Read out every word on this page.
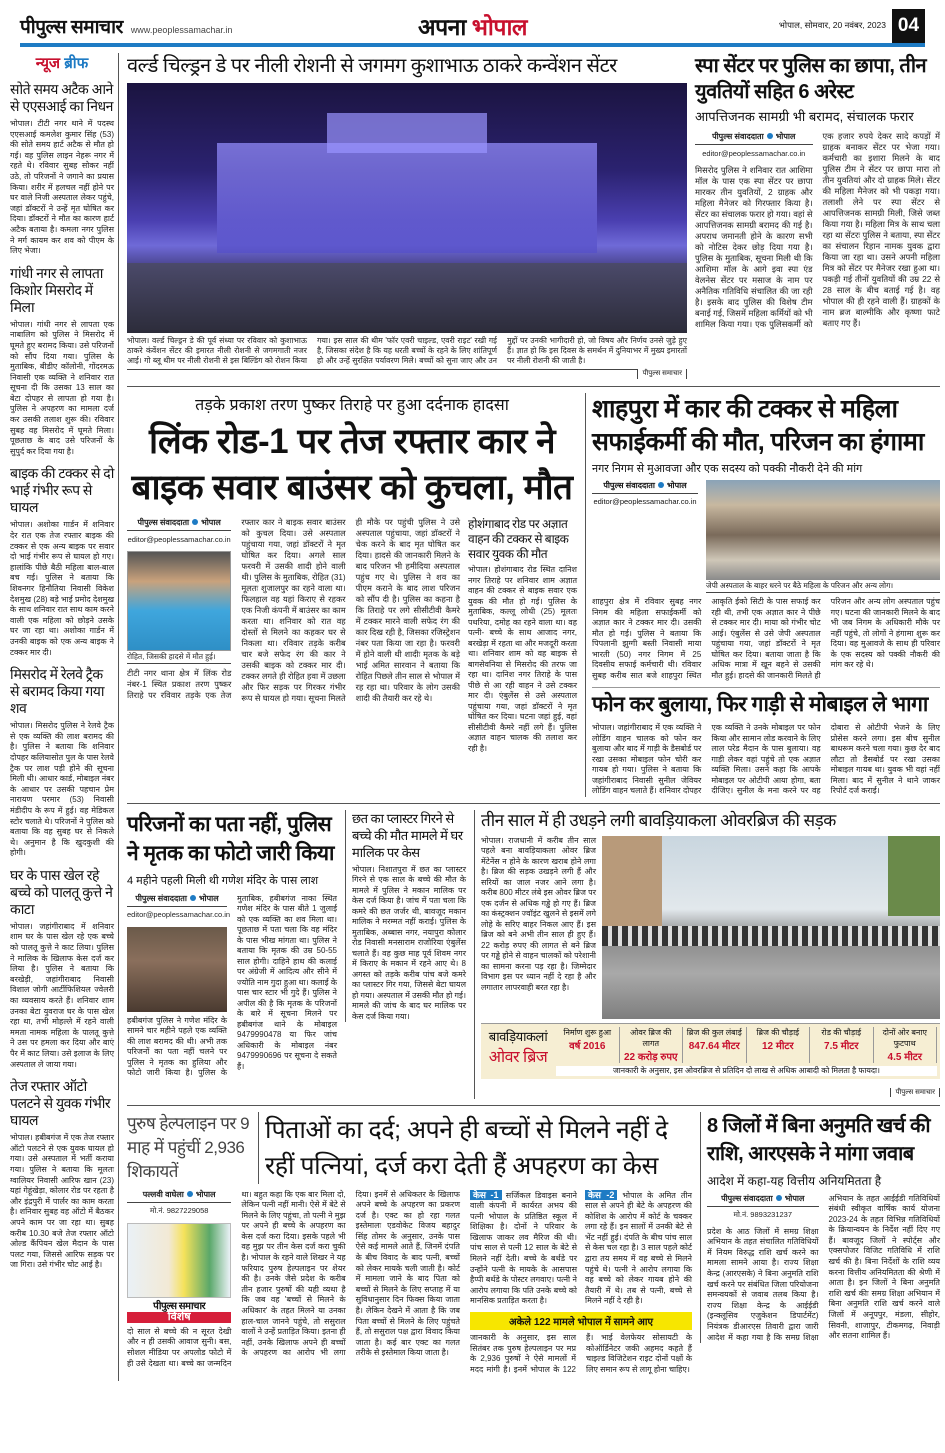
पीपुल्स समाचार www.peoplessamachar.in	अपना भोपाल	भोपाल, सोमवार, 20 नवंबर, 2023 04
न्यूज ब्रीफ
सोते समय अटैक आने से एएसआई का निधन
भोपाल। टीटी नगर थाने में पदस्थ एएसआई कमलेश कुमार सिंह (53) की सोते समय हार्ट अटैक से मौत हो गई। वह पुलिस लाइन नेहरू नगर में रहते थे। रविवार सुबह सोकर नहीं उठे, तो परिजनों ने जगाने का प्रयास किया। शरीर में हलचल नहीं होने पर घर वाले निजी अस्पताल लेकर पहुंचे, जहां डॉक्टरों ने उन्हें मृत घोषित कर दिया। डॉक्टरों ने मौत का कारण हार्ट अटैक बताया है। कमला नगर पुलिस ने मर्ग कायम कर शव को पीएम के लिए भेजा।
गांधी नगर से लापता किशोर मिसरोद में मिला
भोपाल। गांधी नगर से लापता एक नाबालिग को पुलिस ने मिसरोद में घूमते हुए बरामद किया। उसे परिजनों को सौंप दिया गया। पुलिस के मुताबिक, बीडीए कॉलोनी, गोंदरमऊ निवासी एक व्यक्ति ने शनिवार रात सूचना दी कि उसका 13 साल का बेटा दोपहर से लापता हो गया है। पुलिस ने अपहरण का मामला दर्ज कर उसकी तलाश शुरू की। रविवार सुबह वह मिसरोद में घूमते मिला। पूछताछ के बाद उसे परिजनों के सुपुर्द कर दिया गया है।
बाइक की टक्कर से दो भाई गंभीर रूप से घायल
भोपाल। अशोका गार्डन में शनिवार देर रात एक तेज रफ्तार बाइक की टक्कर से एक अन्य बाइक पर सवार दो भाई गंभीर रूप से घायल हो गए। हालांकि पीछे बैठी महिला बाल-बाल बच गई। पुलिस ने बताया कि शिवनगर हिनौतिया निवासी विकेश देशमुख (28) बड़े भाई प्रमोद देशमुख के साथ शनिवार रात साथ काम करने वाली एक महिला को छोड़ने उसके घर जा रहा था। अशोका गार्डन में उनकी बाइक को एक अन्य बाइक ने टक्कर मार दी।
मिसरोद में रेलवे ट्रैक से बरामद किया गया शव
भोपाल। मिसरोद पुलिस ने रेलवे ट्रैक से एक व्यक्ति की लाश बरामद की है। पुलिस ने बताया कि शनिवार दोपहर कलियासोत पुल के पास रेलवे ट्रैक पर लाश पड़ी होने की सूचना मिली थी। आधार कार्ड, मोबाइल नंबर के आधार पर उसकी पहचान प्रेम नारायण परमार (53) निवासी मंडीदीप के रूप में हुई। वह मेडिकल स्टोर चलाते थे। परिजनों ने पुलिस को बताया कि वह सुबह घर से निकले थे। अनुमान है कि खुदकुशी की होगी।
घर के पास खेल रहे बच्चे को पालतू कुत्ते ने काटा
भोपाल। जहांगीराबाद में शनिवार शाम घर के पास खेल रहे एक बच्चे को पालतू कुत्ते ने काट लिया। पुलिस ने मालिक के खिलाफ केस दर्ज कर लिया है। पुलिस ने बताया कि बरखेड़ी, जहांगीराबाद निवासी विशाल जोगी आर्टीफिशियल ज्वेलरी का व्यवसाय करते हैं। शनिवार शाम उनका बेटा युवराज घर के पास खेल रहा था, तभी मोहल्ले में रहने वाली ममता नामक महिला के पालतू कुत्ते ने उस पर हमला कर दिया और बाएं पैर में काट लिया। उसे इलाज के लिए अस्पताल ले जाया गया।
तेज रफ्तार ऑटो पलटने से युवक गंभीर घायल
भोपाल। हबीबगंज में एक तेज रफ्तार ऑटो पलटने से एक युवक घायल हो गया। उसे अस्पताल में भर्ती कराया गया। पुलिस ने बताया कि मूलतः ग्वालियर निवासी आरिफ खान (23) यहां गेहूंखेड़ा, कोलार रोड पर रहता है और इंद्रपुरी में पार्लर का काम करता है। शनिवार सुबह वह ऑटो में बैठकर अपने काम पर जा रहा था। सुबह करीब 10.30 बजे तेज रफ्तार ऑटो ओल्ड कैंपियन खेल मैदान के पास पलट गया, जिससे आरिफ सड़क पर जा गिरा। उसे गंभीर चोट आई है।
वर्ल्ड चिल्ड्रन डे पर नीली रोशनी से जगमग कुशाभाऊ ठाकरे कन्वेंशन सेंटर
भोपाल। वर्ल्ड चिल्ड्रन डे की पूर्व संध्या पर रविवार को कुशाभाऊ ठाकरे कंवेंशन सेंटर की इमारत नीली रोशनी से जगमगाती नजर आई। गो ब्लू थीम पर नीली रोशनी से इस बिल्डिंग को रोशन किया गया। इस साल की थीम 'फॉर एवरी चाइल्ड, एवरी राइट' रखी गई है, जिसका संदेश है कि यह धरती बच्चों के रहने के लिए शांतिपूर्ण हो और उन्हें सुरक्षित पर्यावरण मिले। बच्चों को सुना जाए और उन मुद्दों पर उनकी भागीदारी हो, जो विषय और निर्णय उनसे जुड़े हुए हैं। ज्ञात हो कि इस दिवस के समर्थन में दुनियाभर में मुख्य इमारतों पर नीली रोशनी की जाती है।
पीपुल्स समाचार
स्पा सेंटर पर पुलिस का छापा, तीन युवतियों सहित 6 अरेस्ट
आपत्तिजनक सामग्री भी बरामद, संचालक फरार
पीपुल्स संवाददाता भोपाल
editor@peoplessamachar.co.in
मिसरोद पुलिस ने शनिवार रात आशिमा मॉल के पास एक स्पा सेंटर पर छापा मारकर तीन युवतियों, 2 ग्राहक और महिला मैनेजर को गिरफ्तार किया है। सेंटर का संचालक फरार हो गया। वहां से आपत्तिजनक सामग्री बरामद की गई है। अपराध जमानती होने के कारण सभी को नोटिस देकर छोड़ दिया गया है। पुलिस के मुताबिक, सूचना मिली थी कि आशिमा मॉल के आगे इवा स्पा एंड वेलनेस सेंटर पर मसाज के नाम पर अनैतिक गतिविधि संचालित की जा रही है। इसके बाद पुलिस की विशेष टीम बनाई गई, जिसमें महिला कर्मियों को भी शामिल किया गया। एक पुलिसकर्मी को एक हजार रुपये देकर सादे कपड़ों में ग्राहक बनाकर सेंटर पर भेजा गया। कर्मचारी का इशारा मिलने के बाद पुलिस टीम ने सेंटर पर छापा मारा तो तीन युवतियां और दो ग्राहक मिले। सेंटर की महिला मैनेजर को भी पकड़ा गया। तलाशी लेने पर स्पा सेंटर से आपत्तिजनक सामग्री मिली, जिसे जब्त किया गया है। महिला मित्र के साथ चला रहा था सेंटरः पुलिस ने बताया, स्पा सेंटर का संचालन रिहान नामक युवक द्वारा किया जा रहा था। उसने अपनी महिला मित्र को सेंटर पर मैनेजर रखा हुआ था। पकड़ी गई तीनों युवतियों की उम्र 22 से 28 साल के बीच बताई गई है। वह भोपाल की ही रहने वाली हैं। ग्राहकों के नाम ब्रज बाल्मीकि और कृष्णा फाटे बताए गए हैं।
तड़के प्रकाश तरण पुष्कर तिराहे पर हुआ दर्दनाक हादसा
लिंक रोड-1 पर तेज रफ्तार कार ने बाइक सवार बाउंसर को कुचला, मौत
पीपुल्स संवाददाता भोपाल
editor@peoplessamachar.co.in
रोहित, जिसकी हादसे में मौत हुई।
टीटी नगर थाना क्षेत्र में लिंक रोड नंबर-1 स्थित प्रकाश तरण पुष्कर तिराहे पर रविवार तड़के एक तेज रफ्तार कार ने बाइक सवार बाउंसर को कुचल दिया। उसे अस्पताल पहुंचाया गया, जहां डॉक्टरों ने मृत घोषित कर दिया। अगले साल फरवरी में उसकी शादी होने वाली थी। पुलिस के मुताबिक, रोहित (31) मूलतः शुजालपुर का रहने वाला था। फिलहाल वह यहां किराए से रहकर एक निजी कंपनी में बाउंसर का काम करता था। शनिवार को रात वह दोस्तों से मिलने का कहकर घर से निकला था। रविवार तड़के करीब चार बजे सफेद रंग की कार ने उसकी बाइक को टक्कर मार दी। टक्कर लगते ही रोहित हवा में उछला और फिर सड़क पर गिरकर गंभीर रूप से घायल हो गया। सूचना मिलते ही मौके पर पहुंची पुलिस ने उसे अस्पताल पहुंचाया, जहां डॉक्टरों ने चेक करने के बाद मृत घोषित कर दिया। हादसे की जानकारी मिलने के बाद परिजन भी हमीदिया अस्पताल पहुंच गए थे। पुलिस ने शव का पीएम कराने के बाद लाश परिजन को सौंप दी है। पुलिस का कहना है कि तिराहे पर लगे सीसीटीवी कैमरे में टक्कर मारने वाली सफेद रंग की कार दिख रही है, जिसका रजिस्ट्रेशन नंबर पता किया जा रहा है। फरवरी में होने वाली थी शादीः मृतक के बड़े भाई अमित सारवान ने बताया कि रोहित पिछले तीन साल से भोपाल में रह रहा था। परिवार के लोग उसकी शादी की तैयारी कर रहे थे।
होशंगाबाद रोड पर अज्ञात वाहन की टक्कर से बाइक सवार युवक की मौत
भोपाल। होशंगाबाद रोड स्थित दानिश नगर तिराहे पर शनिवार शाम अज्ञात वाहन की टक्कर से बाइक सवार एक युवक की मौत हो गई। पुलिस के मुताबिक, कल्लू लोधी (25) मूलतः पथरिया, दमोह का रहने वाला था। वह पत्नी- बच्चे के साथ आजाद नगर, बरखेड़ा में रहता था और मजदूरी करता था। शनिवार शाम को वह बाइक से बागसेवनिया से मिसरोद की तरफ जा रहा था। दानिश नगर तिराहे के पास पीछे से आ रही वाहन ने उसे टक्कर मार दी। एंबुलेंस से उसे अस्पताल पहुंचाया गया, जहां डॉक्टरों ने मृत घोषित कर दिया। घटना जहां हुई, वहां सीसीटीवी कैमरे नहीं लगे हैं। पुलिस अज्ञात वाहन चालक की तलाश कर रही है।
शाहपुरा में कार की टक्कर से महिला सफाईकर्मी की मौत, परिजन का हंगामा
नगर निगम से मुआवजा और एक सदस्य को पक्की नौकरी देने की मांग
पीपुल्स संवाददाता भोपाल
editor@peoplessamachar.co.in
जेपी अस्पताल के बाहर धरने पर बैठे महिला के परिजन और अन्य लोग।
शाहपुरा क्षेत्र में रविवार सुबह नगर निगम की महिला सफाईकर्मी को अज्ञात कार ने टक्कर मार दी। उसकी मौत हो गई। पुलिस ने बताया कि पिपलानी झुग्गी बस्ती निवासी माया भारती (50) नगर निगम में 25 दिवसीय सफाई कर्मचारी थी। रविवार सुबह करीब सात बजे शाहपुरा स्थित आकृति ईको सिटी के पास सफाई कर रही थी, तभी एक अज्ञात कार ने पीछे से टक्कर मार दी। माया को गंभीर चोट आई। एंबुलेंस से उसे जेपी अस्पताल पहुंचाया गया, जहां डॉक्टरों ने मृत घोषित कर दिया। बताया जाता है कि अधिक मात्रा में खून बहने से उसकी मौत हुई। हादसे की जानकारी मिलते ही परिजन और अन्य लोग अस्पताल पहुंच गए। घटना की जानकारी मिलने के बाद भी जब निगम के अधिकारी मौके पर नहीं पहुंचे, तो लोगों ने हंगामा शुरू कर दिया। वह मुआवजे के साथ ही परिवार के एक सदस्य को पक्की नौकरी की मांग कर रहे थे।
फोन कर बुलाया, फिर गाड़ी से मोबाइल ले भागा
भोपाल। जहांगीराबाद में एक व्यक्ति ने लोडिंग वाहन चालक को फोन कर बुलाया और बाद में गाड़ी के डैसबोर्ड पर रखा उसका मोबाइल फोन चोरी कर गायब हो गया। पुलिस ने बताया कि जहांगीराबाद निवासी सुनील जेवियर लोडिंग वाहन चलाते हैं। शनिवार दोपहर एक व्यक्ति ने उनके मोबाइल पर फोन किया और सामान लोड करवाने के लिए लाल परेड मैदान के पास बुलाया। वह गाड़ी लेकर वहां पहुंचे तो एक अज्ञात व्यक्ति मिला। उसने कहा कि आपके मोबाइल पर ओटीपी आया होगा, बता दीजिए। सुनील के मना करने पर वह दोबारा से ओटीपी भेजने के लिए प्रोसेस करने लगा। इस बीच सुनील बाथरूम करने चला गया। कुछ देर बाद लौटा तो डैसबोर्ड पर रखा उसका मोबाइल गायब था। युवक भी वहां नहीं मिला। बाद में सुनील ने थाने जाकर रिपोर्ट दर्ज कराई।
परिजनों का पता नहीं, पुलिस ने मृतक का फोटो जारी किया
4 महीने पहली मिली थी गणेश मंदिर के पास लाश
पीपुल्स संवाददाता भोपाल
editor@peoplessamachar.co.in
हबीबगंज पुलिस ने गणेश मंदिर के सामने चार महीने पहले एक व्यक्ति की लाश बरामद की थी। अभी तक परिजनों का पता नहीं चलने पर पुलिस ने मृतक का हुलिया और फोटो जारी किया है। पुलिस के मुताबिक, हबीबगंज नाका स्थित गणेश मंदिर के पास बीते 1 जुलाई को एक व्यक्ति का शव मिला था। पूछताछ में पता चला कि वह मंदिर के पास भीख मांगता था। पुलिस ने बताया कि मृतक की उम्र 50-55 साल होगी। दाहिने हाथ की कलाई पर अंग्रेजी में आदित्य और सीने में ज्योति नाम गुदा हुआ था। कलाई के पास चार स्टार भी गुदे हैं। पुलिस ने अपील की है कि मृतक के परिजनों के बारे में सूचना मिलने पर हबीबगंज थाने के मोबाइल 9479990478 या फिर जांच अधिकारी के मोबाइल नंबर 9479990696 पर सूचना दे सकते हैं।
छत का प्लास्टर गिरने से बच्चे की मौत मामले में घर मालिक पर केस
भोपाल। निशातपुरा में छत का प्लास्टर गिरने से एक साल के बच्चे की मौत के मामले में पुलिस ने मकान मालिक पर केस दर्ज किया है। जांच में पता चला कि कमरे की छत जर्जर थी, बावजूद मकान मालिक ने मरम्मत नहीं कराई। पुलिस के मुताबिक, अब्बास नगर, नयापुरा कोलार रोड निवासी मनसाराम राजोरिया एंबुलेंस चलाते हैं। वह कुछ माह पूर्व शिवम नगर में किराए के मकान में रहने आए थे। 8 अगस्त को तड़के करीब पांच बजे कमरे का प्लास्टर गिर गया, जिससे बेटा घायल हो गया। अस्पताल में उसकी मौत हो गई। मामले की जांच के बाद घर मालिक पर केस दर्ज किया गया।
तीन साल में ही उधड़ने लगी बावड़ियाकला ओवरब्रिज की सड़क
भोपाल। राजधानी में करीब तीन साल पहले बना बावड़ियाकला ओवर ब्रिज मेंटेनेंस न होने के कारण खराब होने लगा है। ब्रिज की सड़क उखड़ने लगी हैं और सरियों का जाल नजर आने लगा है। करीब 800 मीटर लंबे इस ओवर ब्रिज पर एक दर्जन से अधिक गड्ढे हो गए हैं। ब्रिज का कंस्ट्रक्शन ज्वॉइंट खुलने से इसमें लगे लोहे के सरिए बाहर निकल आए हैं। इस ब्रिज को बने अभी तीन साल ही हुए हैं। 22 करोड़ रुपए की लागत से बने ब्रिज पर गड्ढे होने से वाहन चालकों को परेशानी का सामना करना पड़ रहा है। जिम्मेदार विभाग इस पर ध्यान नहीं दे रहा है और लगातार लापरवाही बरत रहा है।
बावड़ियाकलां
ओवर ब्रिज
निर्माण शुरू हुआ
वर्ष 2016
ओवर ब्रिज की लागत
22 करोड़ रुपए
ब्रिज की कुल लंबाई
847.64 मीटर
ब्रिज की चौड़ाई
12 मीटर
रोड की चौड़ाई
7.5 मीटर
दोनों ओर बनाए फुटपाथ
4.5 मीटर
जानकारी के अनुसार, इस ओवरब्रिज से प्रतिदिन दो लाख से अधिक आबादी को मिलता है फायदा।
पीपुल्स समाचार
पुरुष हेल्पलाइन पर 9 माह में पहुंचीं 2,936 शिकायतें
पिताओं का दर्द; अपने ही बच्चों से मिलने नहीं दे रहीं पत्नियां, दर्ज करा देती हैं अपहरण का केस
पल्लवी वाघेला भोपाल
मो.नं. 9827229058
पीपुल्स समाचार
विशेष
दो साल से बच्चे की न सूरत देखी और न ही उसकी आवाज सुनी। बस, सोशल मीडिया पर अपलोड फोटो में ही उसे देखता था। बच्चे का जन्मदिन था। बहुत कहा कि एक बार मिला दो, लेकिन पत्नी नहीं मानी। ऐसे में बेटे से मिलने के लिए पहुंचा, तो पत्नी ने मुझ पर अपने ही बच्चे के अपहरण का केस दर्ज करा दिया। इसके पहले भी वह मुझ पर तीन केस दर्ज करा चुकी है। भोपाल के रहने वाले शिखर ने यह फरियाद पुरुष हेल्पलाइन पर शेयर की है। उनके जैसे प्रदेश के करीब तीन हजार पुरुषों की यही व्यथा है कि जब वह 'बच्चों से मिलने के अधिकार' के तहत मिलने या उनका हाल-चाल जानने पहुंचे, तो ससुराल वालों ने उन्हें प्रताड़ित किया। इतना ही नहीं, उनके खिलाफ अपने ही बच्चों के अपहरण का आरोप भी लगा दिया। इनमें से अधिकतर के खिलाफ अपने बच्चे के अपहरण का प्रकरण दर्ज है। एक्ट का हो रहा गलत इस्तेमालः एडवोकेट विजय बहादुर सिंह तोमर के अनुसार, उनके पास ऐसे कई मामले आते हैं, जिनमें दंपति के बीच विवाद के बाद पत्नी, बच्चों को लेकर मायके चली जाती है। कोर्ट में मामला जाने के बाद पिता को बच्चों से मिलने के लिए सप्ताह में या सुविधानुसार दिन फिक्स किया जाता है। लेकिन देखने में आता है कि जब पिता बच्चों से मिलने के लिए पहुंचते हैं, तो ससुराल पक्ष द्वारा विवाद किया जाता है। कई बार एक्ट का गलत तरीके से इस्तेमाल किया जाता है।
केस -1 सर्जिकल डिवाइस बनाने वाली कंपनी में कार्यरत अभय की पत्नी भोपाल के प्रतिष्ठित स्कूल में शिक्षिका है। दोनों ने परिवार के खिलाफ जाकर लव मैरिज की थी। पांच साल से पत्नी 12 साल के बेटे से मिलने नहीं देती। बच्चे के बर्थडे पर उन्होंने पत्नी के मायके के आसपास हैप्पी बर्थडे के पोस्टर लगवाए। पत्नी ने आरोप लगाया कि पति उनके बच्चे को मानसिक प्रताड़ित करता है।
केस -2 भोपाल के अमित तीन साल से अपने ही बेटे के अपहरण की कोशिश के आरोप में कोर्ट के चक्कर लगा रहे हैं। इन सालों में उनकी बेटे से भेंट नहीं हुई। दंपति के बीच पांच साल से केस चल रहा है। 3 साल पहले कोर्ट द्वारा तय समय में वह बच्चे से मिलने पहुंचे थे। पत्नी ने आरोप लगाया कि वह बच्चे को लेकर गायब होने की तैयारी में थे। तब से पत्नी, बच्चे से मिलने नहीं दे रही है।
अकेले 122 मामले भोपाल में सामने आए
जानकारी के अनुसार, इस साल सितंबर तक पुरुष हेल्पलाइन पर मप्र के 2,936 पुरुषों ने ऐसे मामलों में मदद मांगी है। इनमें भोपाल के 122 हैं। भाई वेलफेयर सोसायटी के कोऑर्डिनेटर जकी अहमद कहते हैं चाइल्ड विजिटेशन राइट दोनों पक्षों के लिए समान रूप से लागू होना चाहिए।
8 जिलों में बिना अनुमति खर्च की राशि, आरएसके ने मांगा जवाब
आदेश में कहा-यह वित्तीय अनियमितता है
पीपुल्स संवाददाता भोपाल
मो.नं. 9893231237
प्रदेश के आठ जिलों में समग्र शिक्षा अभियान के तहत संचालित गतिविधियों में नियम विरुद्ध राशि खर्च करने का मामला सामने आया है। राज्य शिक्षा केन्द्र (आरएसके) ने बिना अनुमति राशि खर्च करने पर संबंधित जिला परियोजना समन्वयकों से जवाब तलब किया है। राज्य शिक्षा केन्द्र के आईईडी (इन्क्लूसिव एजुकेशन डिपार्टमेंट) नियंत्रक डीआरएस तिवारी द्वारा जारी आदेश में कहा गया है कि समग्र शिक्षा अभियान के तहत आईईडी गतिविधियों संबंधी स्वीकृत वार्षिक कार्य योजना 2023-24 के तहत विभिन्न गतिविधियों के क्रियान्वयन के निर्देश नहीं दिए गए हैं। बावजूद जिलों ने स्पोर्ट्स और एक्सपोजर विजिट गतिविधि में राशि खर्च की है। बिना निर्देशों के राशि व्यय करना वित्तीय अनियमितता की श्रेणी में आता है। इन जिलों ने बिना अनुमति राशि खर्च कीः समग्र शिक्षा अभियान में बिना अनुमति राशि खर्च करने वाले जिलों में अनूपपुर, मंडला, सीहोर, सिवनी, शाजापुर, टीकमगढ़, निवाड़ी और सतना शामिल हैं।
